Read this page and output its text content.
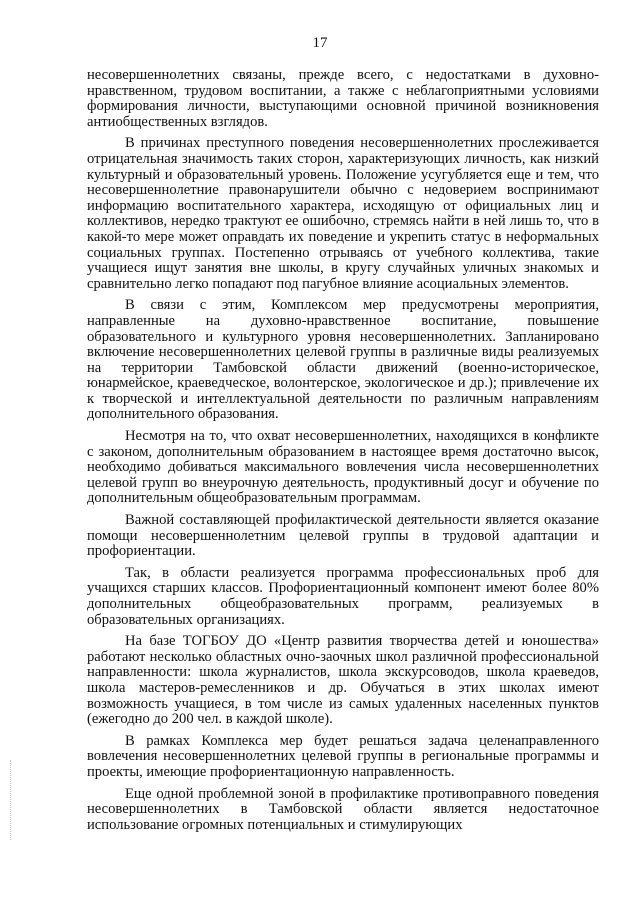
17

несовершеннолетних связаны, прежде всего, с недостатками в духовно-нравственном, трудовом воспитании, а также с неблагоприятными условиями формирования личности, выступающими основной причиной возникновения антиобщественных взглядов.

В причинах преступного поведения несовершеннолетних прослеживается отрицательная значимость таких сторон, характеризующих личность, как низкий культурный и образовательный уровень. Положение усугубляется еще и тем, что несовершеннолетние правонарушители обычно с недоверием воспринимают информацию воспитательного характера, исходящую от официальных лиц и коллективов, нередко трактуют ее ошибочно, стремясь найти в ней лишь то, что в какой-то мере может оправдать их поведение и укрепить статус в неформальных социальных группах. Постепенно отрываясь от учебного коллектива, такие учащиеся ищут занятия вне школы, в кругу случайных уличных знакомых и сравнительно легко попадают под пагубное влияние асоциальных элементов.

В связи с этим, Комплексом мер предусмотрены мероприятия, направленные на духовно-нравственное воспитание, повышение образовательного и культурного уровня несовершеннолетних. Запланировано включение несовершеннолетних целевой группы в различные виды реализуемых на территории Тамбовской области движений (военно-историческое, юнармейское, краеведческое, волонтерское, экологическое и др.); привлечение их к творческой и интеллектуальной деятельности по различным направлениям дополнительного образования.

Несмотря на то, что охват несовершеннолетних, находящихся в конфликте с законом, дополнительным образованием в настоящее время достаточно высок, необходимо добиваться максимального вовлечения числа несовершеннолетних целевой групп во внеурочную деятельность, продуктивный досуг и обучение по дополнительным общеобразовательным программам.

Важной составляющей профилактической деятельности является оказание помощи несовершеннолетним целевой группы в трудовой адаптации и профориентации.

Так, в области реализуется программа профессиональных проб для учащихся старших классов. Профориентационный компонент имеют более 80% дополнительных общеобразовательных программ, реализуемых в образовательных организациях.

На базе ТОГБОУ ДО «Центр развития творчества детей и юношества» работают несколько областных очно-заочных школ различной профессиональной направленности: школа журналистов, школа экскурсоводов, школа краеведов, школа мастеров-ремесленников и др. Обучаться в этих школах имеют возможность учащиеся, в том числе из самых удаленных населенных пунктов (ежегодно до 200 чел. в каждой школе).

В рамках Комплекса мер будет решаться задача целенаправленного вовлечения несовершеннолетних целевой группы в региональные программы и проекты, имеющие профориентационную направленность.

Еще одной проблемной зоной в профилактике противоправного поведения несовершеннолетних в Тамбовской области является недостаточное использование огромных потенциальных и стимулирующих
